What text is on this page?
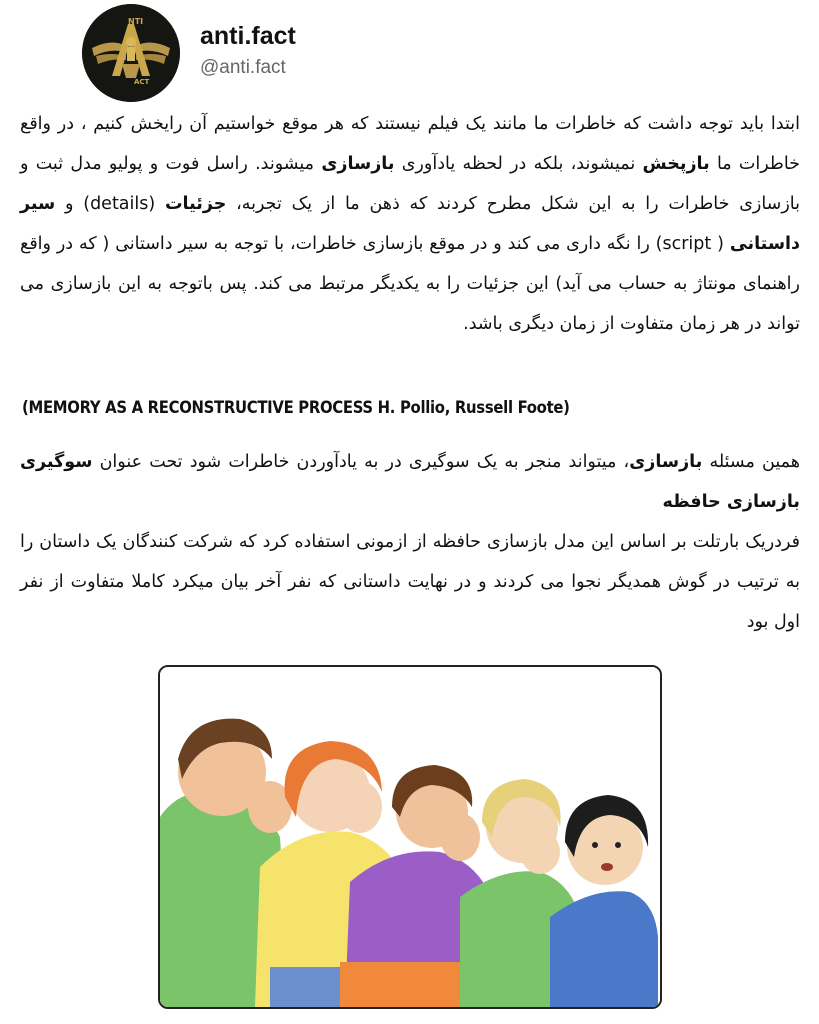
NTI
ACT
anti.fact
@anti.fact

ابتدا باید توجه داشت که خاطرات ما مانند یک فیلم نیستند که هر موقع خواستیم آن رایخش کنیم ، در واقع خاطرات ما بازپخش نمیشوند، بلکه در لحظه یادآوری بازسازی میشوند. راسل فوت و پولیو مدل ثبت و بازسازی خاطرات را به این شکل مطرح کردند که ذهن ما از یک تجربه، جزئیات (details) و سیر داستانی ( script) را نگه داری می کند و در موقع بازسازی خاطرات، با توجه به سیر داستانی ( که در واقع راهنمای مونتاژ به حساب می آید) این جزئیات را به یکدیگر مرتبط می کند. پس باتوجه به این بازسازی می تواند در هر زمان متفاوت از زمان دیگری باشد.

(MEMORY AS A RECONSTRUCTIVE PROCESS H. Pollio, Russell Foote)

همین مسئله بازسازی، میتواند منجر به یک سوگیری در به یادآوردن خاطرات شود تحت عنوان سوگیری بازسازی حافظه

فردریک بارتلت بر اساس این مدل بازسازی حافظه از ازمونی استفاده کرد که شرکت کنندگان یک داستان را به ترتیب در گوش همدیگر نجوا می کردند و در نهایت داستانی که نفر آخر بیان میکرد کاملا متفاوت از نفر اول بود
